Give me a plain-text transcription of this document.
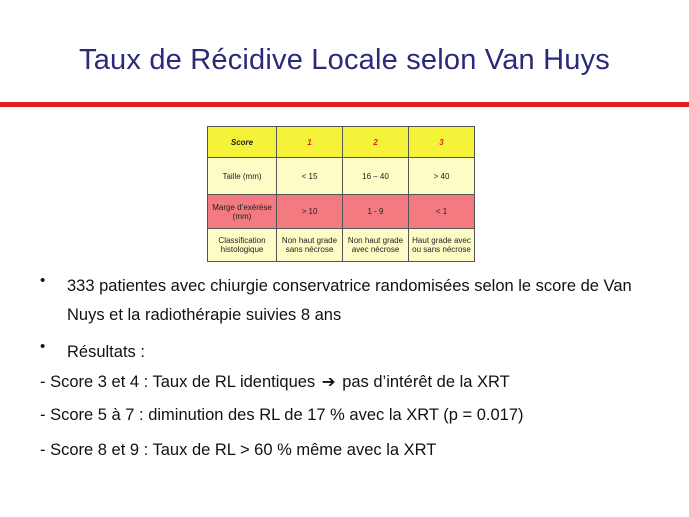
Taux de Récidive Locale selon Van Huys
Score	1	2	3
Taille (mm)	< 15	16 – 40	> 40
Marge d’exérèse (mm)	> 10	1 - 9	< 1
Classification histologique	Non haut grade sans nécrose	Non haut grade avec nécrose	Haut grade avec ou sans nécrose
• 333 patientes avec chiurgie conservatrice randomisées selon le score de Van Nuys et la radiothérapie suivies 8 ans
• Résultats :
- Score 3 et 4 : Taux de RL identiques ➔ pas d’intérêt de la XRT
- Score 5 à 7 : diminution des RL de 17 % avec la XRT (p = 0.017)
- Score 8 et 9 : Taux de RL > 60 % même avec la XRT
